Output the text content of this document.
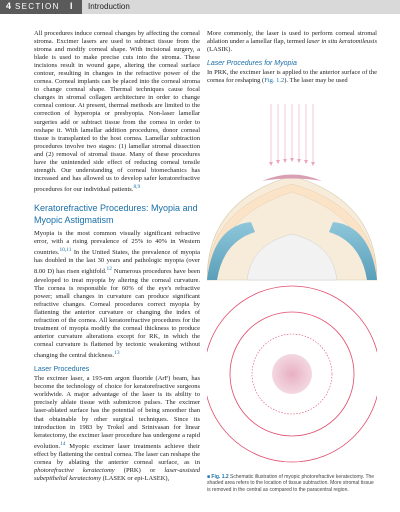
4 SECTION I Introduction

All procedures induce corneal changes by affecting the corneal stroma. Excimer lasers are used to subtract tissue from the stroma and modify corneal shape. With incisional surgery, a blade is used to make precise cuts into the stroma. These incisions result in wound gape, altering the corneal surface contour, resulting in changes in the refractive power of the cornea. Corneal implants can be placed into the corneal stroma to change corneal shape. Thermal techniques cause focal changes in stromal collagen architecture in order to change corneal contour. At present, thermal methods are limited to the correction of hyperopia or presbyopia. Non-laser lamellar surgeries add or subtract tissue from the cornea in order to reshape it. With lamellar addition procedures, donor corneal tissue is transplanted to the host cornea. Lamellar subtraction procedures involve two stages: (1) lamellar stromal dissection and (2) removal of stromal tissue. Many of these procedures have the unintended side effect of reducing corneal tensile strength. Our understanding of corneal biomechanics has increased and has allowed us to develop safer keratorefractive procedures for our individual patients.$^{8,9}$

Keratorefractive Procedures: Myopia and Myopic Astigmatism

Myopia is the most common visually significant refractive error, with a rising prevalence of 25% to 40% in Western countries.$^{10,11}$ In the United States, the prevalence of myopia has doubled in the last 30 years and pathologic myopia (over 8.00 D) has risen eightfold.$^{12}$ Numerous procedures have been developed to treat myopia by altering the corneal curvature. The cornea is responsible for 60% of the eye's refractive power; small changes in curvature can produce significant refractive changes. Corneal procedures correct myopia by flattening the anterior curvature or changing the index of refraction of the cornea. All keratorefractive procedures for the treatment of myopia modify the corneal thickness to produce anterior curvature alterations except for RK, in which the corneal curvature is flattened by tectonic weakening without changing the central thickness.$^{13}$

Laser Procedures

The excimer laser, a 193-nm argon fluoride (ArF) beam, has become the technology of choice for keratorefractive surgeons worldwide. A major advantage of the laser is its ability to precisely ablate tissue with submicron pulses. The excimer laser-ablated surface has the potential of being smoother than that obtainable by other surgical techniques. Since its introduction in 1983 by Trokel and Srinivasan for linear keratectomy, the excimer laser procedure has undergone a rapid evolution.$^{14}$ Myopic excimer laser treatments achieve their effect by flattening the central cornea. The laser can reshape the cornea by ablating the anterior corneal surface, as in photorefractive keratectomy (PRK) or laser-assisted subepithelial keratectomy (LASEK or epi-LASEK),

More commonly, the laser is used to perform corneal stromal ablation under a lamellar flap, termed laser in situ keratomileusis (LASIK).

Laser Procedures for Myopia

In PRK, the excimer laser is applied to the anterior surface of the cornea for reshaping (Fig. 1.2). The laser may be used

■ Fig. 1.2 Schematic illustration of myopic photorefractive keratectomy. The shaded area refers to the location of tissue subtraction. More stromal tissue is removed in the central as compared to the paracentral region.
